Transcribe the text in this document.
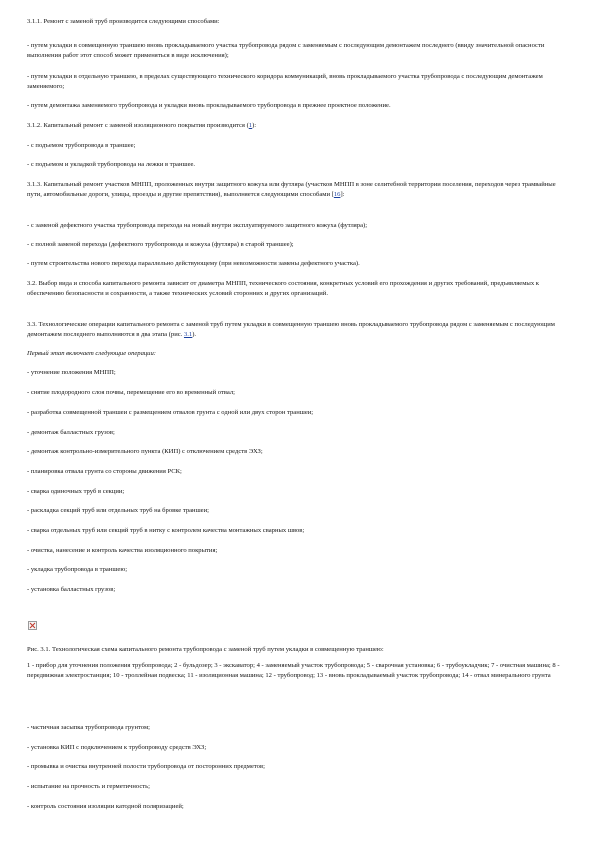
3.1.1. Ремонт с заменой труб производится следующими способами:

- путем укладки в совмещенную траншею вновь прокладываемого участка трубопровода рядом с заменяемым с последующим демонтажем последнего (ввиду значительной опасности выполнения работ этот способ может применяться в виде исключения);

- путем укладки в отдельную траншею, в пределах существующего технического коридора коммуникаций, вновь прокладываемого участка трубопровода с последующим демонтажем заменяемого;

- путем демонтажа заменяемого трубопровода и укладки вновь прокладываемого трубопровода в прежнее проектное положение.

3.1.2. Капитальный ремонт с заменой изоляционного покрытия производится (1):

- с подъемом трубопровода в траншее;

- с подъемом и укладкой трубопровода на лежки в траншее.

3.1.3. Капитальный ремонт участков МНПП, проложенных внутри защитного кожуха или футляра (участков МНПП в зоне селитебной территории поселения, переходов через трамвайные пути, автомобильные дороги, улицы, проезды и другие препятствия), выполняется следующими способами [16]:

- с заменой дефектного участка трубопровода перехода на новый внутри эксплуатируемого защитного кожуха (футляра);

- с полной заменой перехода (дефектного трубопровода и кожуха (футляра) в старой траншее);

- путем строительства нового перехода параллельно действующему (при невозможности замены дефектного участка).

3.2. Выбор вида и способа капитального ремонта зависит от диаметра МНПП, технического состояния, конкретных условий его прохождения и других требований, предъявляемых к обеспечению безопасности и сохранности, а также технических условий сторонних и других организаций.

3.3. Технологические операции капитального ремонта с заменой труб путем укладки в совмещенную траншею вновь прокладываемого трубопровода рядом с заменяемым с последующим демонтажем последнего выполняются в два этапа (рис. 3.1).

Первый этап включает следующие операции:

- уточнение положения МНПП;

- снятие плодородного слоя почвы, перемещение его во временный отвал;

- разработка совмещенной траншеи с размещением отвалов грунта с одной или двух сторон траншеи;

- демонтаж балластных грузов;

- демонтаж контрольно-измерительного пункта (КИП) с отключением средств ЭХЗ;

- планировка отвала грунта со стороны движения РСК;

- сварка одиночных труб в секции;

- раскладка секций труб или отдельных труб на бровке траншеи;

- сварка отдельных труб или секций труб в нитку с контролем качества монтажных сварных швов;

- очистка, нанесение и контроль качества изоляционного покрытия;

- укладка трубопровода в траншею;

- установка балластных грузов;

Рис. 3.1. Технологическая схема капитального ремонта трубопровода с заменой труб путем укладки в совмещенную траншею:

1 - прибор для уточнения положения трубопровода; 2 - бульдозер; 3 - экскаватор; 4 - заменяемый участок трубопровода; 5 - сварочная установка; 6 - трубоукладчик; 7 - очистная машина; 8 - передвижная электростанция; 10 - троллейная подвеска; 11 - изоляционная машина; 12 - трубопровод; 13 - вновь прокладываемый участок трубопровода; 14 - отвал минерального грунта

- частичная засыпка трубопровода грунтом;

- установка КИП с подключением к трубопроводу средств ЭХЗ;

- промывка и очистка внутренней полости трубопровода от посторонних предметов;

- испытание на прочность и герметичность;

- контроль состояния изоляции катодной поляризацией;
